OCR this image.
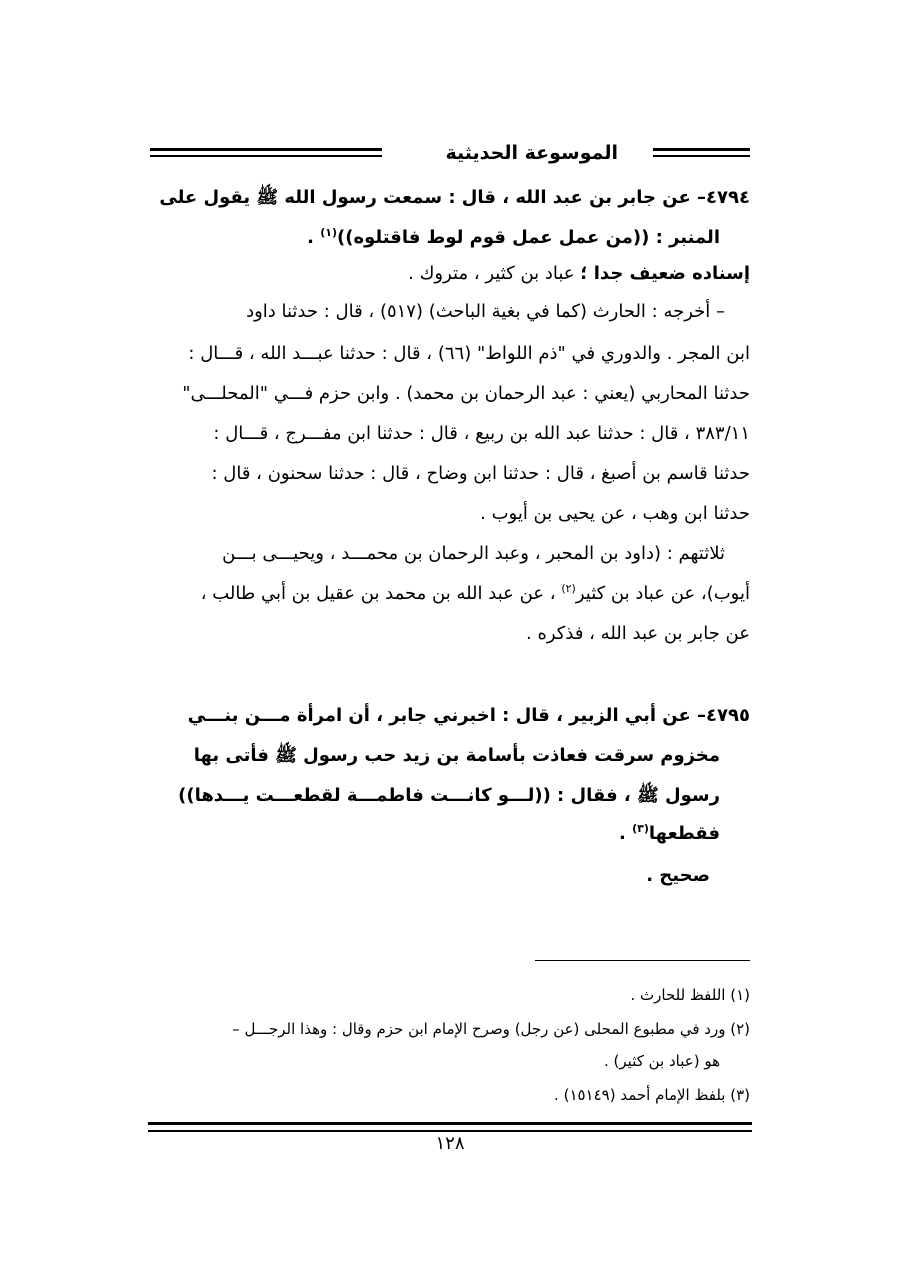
الموسوعة الحديثية
٤٧٩٤– عن جابر بن عبد الله ، قال : سمعت رسول الله ﷺ يقول على
المنبر : ((من عمل عمل قوم لوط فاقتلوه))$^{(١)}$ .
إسناده ضعيف جدا ؛ عباد بن كثير ، متروك .
– أخرجه : الحارث (كما في بغية الباحث) (٥١٧) ، قال : حدثنا داود
ابن المجر . والدوري في "ذم اللواط" (٦٦) ، قال : حدثنا عبـــد الله ، قـــال :
حدثنا المحاربي (يعني : عبد الرحمان بن محمد) . وابن حزم فـــي "المحلـــى"
٣٨٣/١١ ، قال : حدثنا عبد الله بن ربيع ، قال : حدثنا ابن مفـــرج ، قـــال :
حدثنا قاسم بن أصبغ ، قال : حدثنا ابن وضاح ، قال : حدثنا سحنون ، قال :
حدثنا ابن وهب ، عن يحيى بن أيوب .
ثلاثتهم : (داود بن المحبر ، وعبد الرحمان بن محمـــد ، ويحيـــى بـــن
أيوب)، عن عباد بن كثير$^{(٢)}$ ، عن عبد الله بن محمد بن عقيل بن أبي طالب ،
عن جابر بن عبد الله ، فذكره .
٤٧٩٥– عن أبي الزبير ، قال : اخبرني جابر ، أن امرأة مـــن بنـــي
مخزوم سرقت فعاذت بأسامة بن زيد حب رسول ﷺ فأتى بها
رسول ﷺ ، فقال : ((لـــو كانـــت فاطمـــة لقطعـــت يـــدها))
فقطعها$^{(٣)}$ .
صحيح .
(١) اللفظ للحارث .
(٢) ورد في مطبوع المحلى (عن رجل) وصرح الإمام ابن حزم وقال : وهذا الرجـــل –
هو (عباد بن كثير) .
(٣) بلفظ الإمام أحمد (١٥١٤٩) .
١٢٨
